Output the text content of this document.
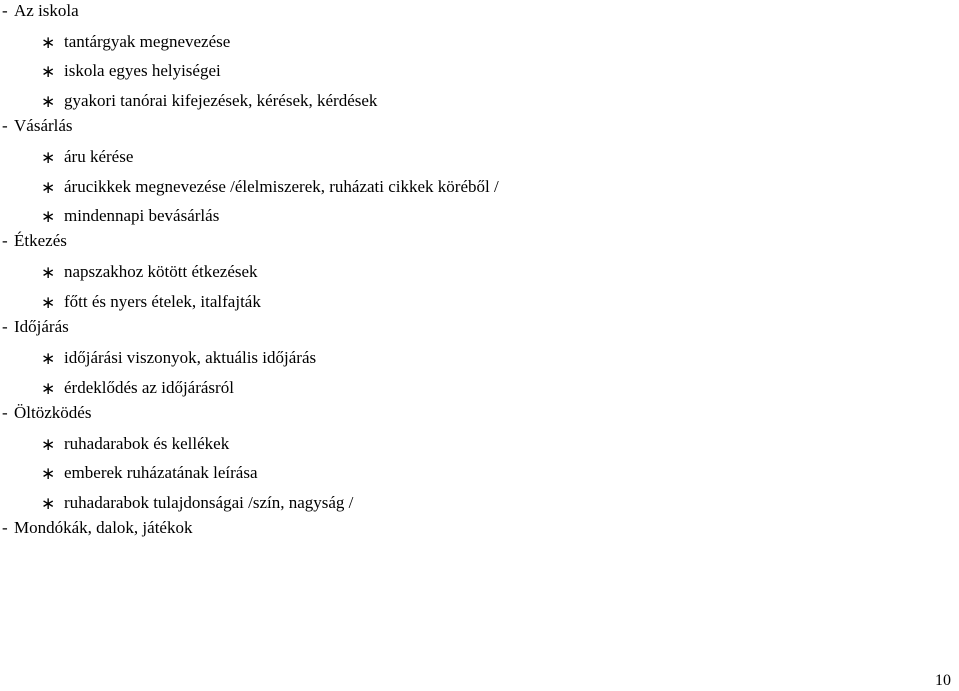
- Az iskola
∗ tantárgyak megnevezése
∗ iskola egyes helyiségei
∗ gyakori tanórai kifejezések, kérések, kérdések
- Vásárlás
∗ áru kérése
∗ árucikkek megnevezése /élelmiszerek, ruházati cikkek köréből /
∗ mindennapi bevásárlás
- Étkezés
∗ napszakhoz kötött étkezések
∗ főtt és nyers ételek, italfajták
- Időjárás
∗ időjárási viszonyok, aktuális időjárás
∗ érdeklődés az időjárásról
- Öltözködés
∗ ruhadarabok és kellékek
∗ emberek ruházatának leírása
∗ ruhadarabok tulajdonságai /szín, nagyság /
- Mondókák, dalok, játékok
10
